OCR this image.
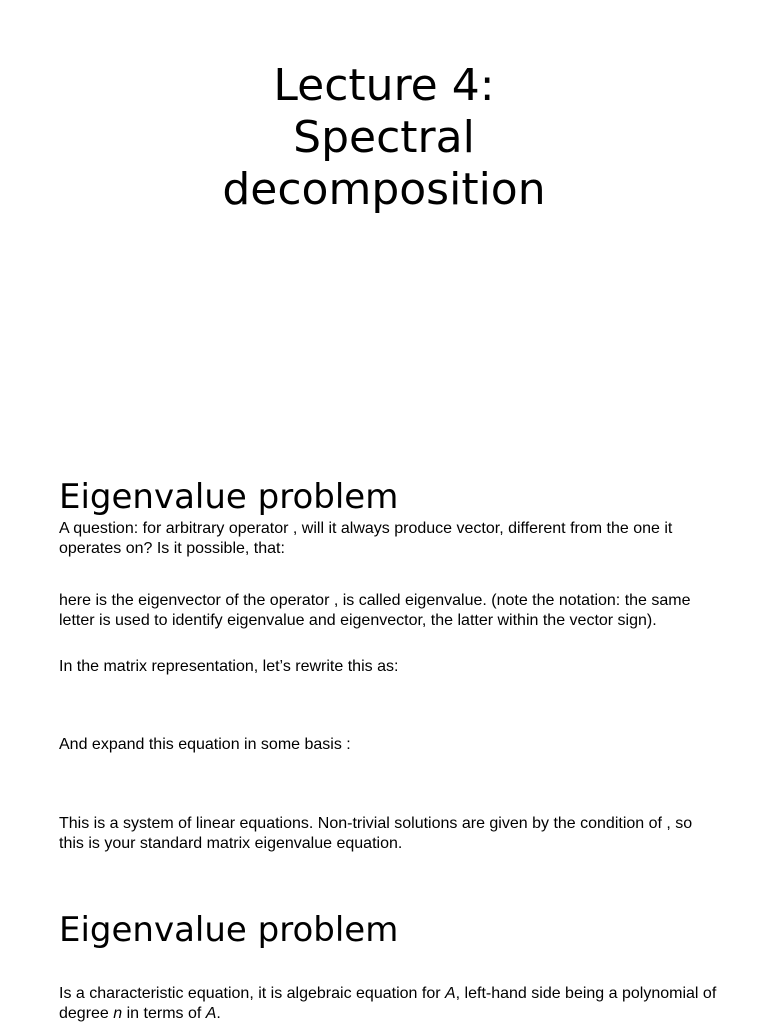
Lecture 4:
Spectral
decomposition
Eigenvalue problem
A question: for arbitrary operator , will it always produce vector, different from the one it operates on? Is it possible, that:
here is the eigenvector of the operator , is called eigenvalue. (note the notation: the same letter is used to identify eigenvalue and eigenvector, the latter within the vector sign).
In the matrix representation, let’s rewrite this as:
And expand this equation in some basis :
This is a system of linear equations. Non-trivial solutions are given by the condition of , so this is your standard matrix eigenvalue equation.
Eigenvalue problem
Is a characteristic equation, it is algebraic equation for A, left-hand side being a polynomial of degree n in terms of A.
